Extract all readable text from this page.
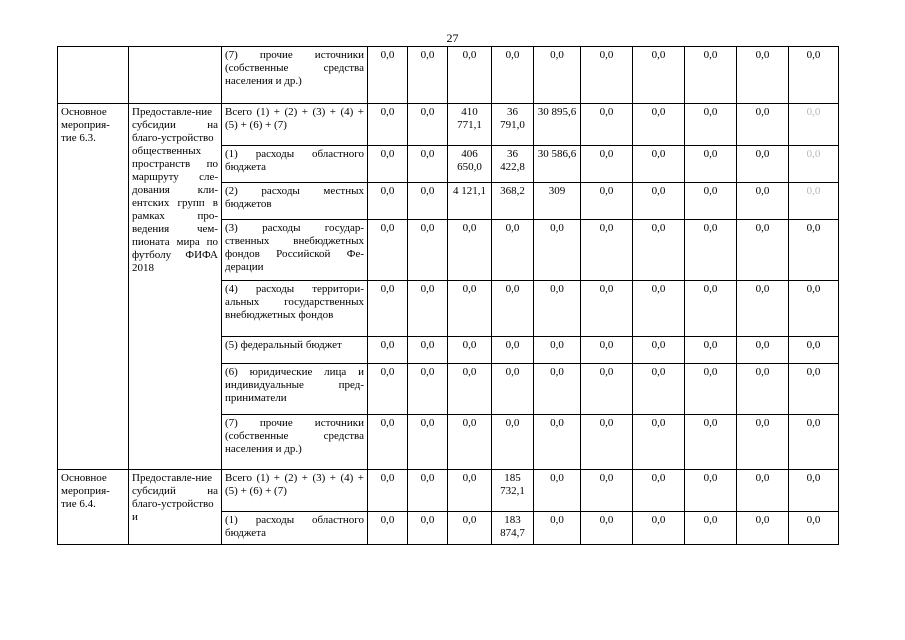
27
		(7) прочие источники (собственные средства населения и др.)	0,0	0,0	0,0	0,0	0,0	0,0	0,0	0,0	0,0	0,0
Основное мероприя-тие 6.3.	Предоставле-ние субсидии на благо-устройство общественных пространств по маршруту сле-дования кли-ентских групп в рамках про-ведения чем-пионата мира по футболу ФИФА 2018	Всего (1) + (2) + (3) + (4) + (5) + (6) + (7)	0,0	0,0	410 771,1	36 791,0	30 895,6	0,0	0,0	0,0	0,0	0,0
		(1) расходы областного бюджета	0,0	0,0	406 650,0	36 422,8	30 586,6	0,0	0,0	0,0	0,0	0,0
		(2) расходы местных бюджетов	0,0	0,0	4 121,1	368,2	309	0,0	0,0	0,0	0,0	0,0
		(3) расходы государ-ственных внебюджетных фондов Российской Фе-дерации	0,0	0,0	0,0	0,0	0,0	0,0	0,0	0,0	0,0	0,0
		(4) расходы территори-альных государственных внебюджетных фондов	0,0	0,0	0,0	0,0	0,0	0,0	0,0	0,0	0,0	0,0
		(5) федеральный бюджет	0,0	0,0	0,0	0,0	0,0	0,0	0,0	0,0	0,0	0,0
		(6) юридические лица и индивидуальные пред-приниматели	0,0	0,0	0,0	0,0	0,0	0,0	0,0	0,0	0,0	0,0
		(7) прочие источники (собственные средства населения и др.)	0,0	0,0	0,0	0,0	0,0	0,0	0,0	0,0	0,0	0,0
Основное мероприя-тие 6.4.	Предоставле-ние субсидий на благо-устройство и	Всего (1) + (2) + (3) + (4) + (5) + (6) + (7)	0,0	0,0	0,0	185 732,1	0,0	0,0	0,0	0,0	0,0	0,0
		(1) расходы областного бюджета	0,0	0,0	0,0	183 874,7	0,0	0,0	0,0	0,0	0,0	0,0
